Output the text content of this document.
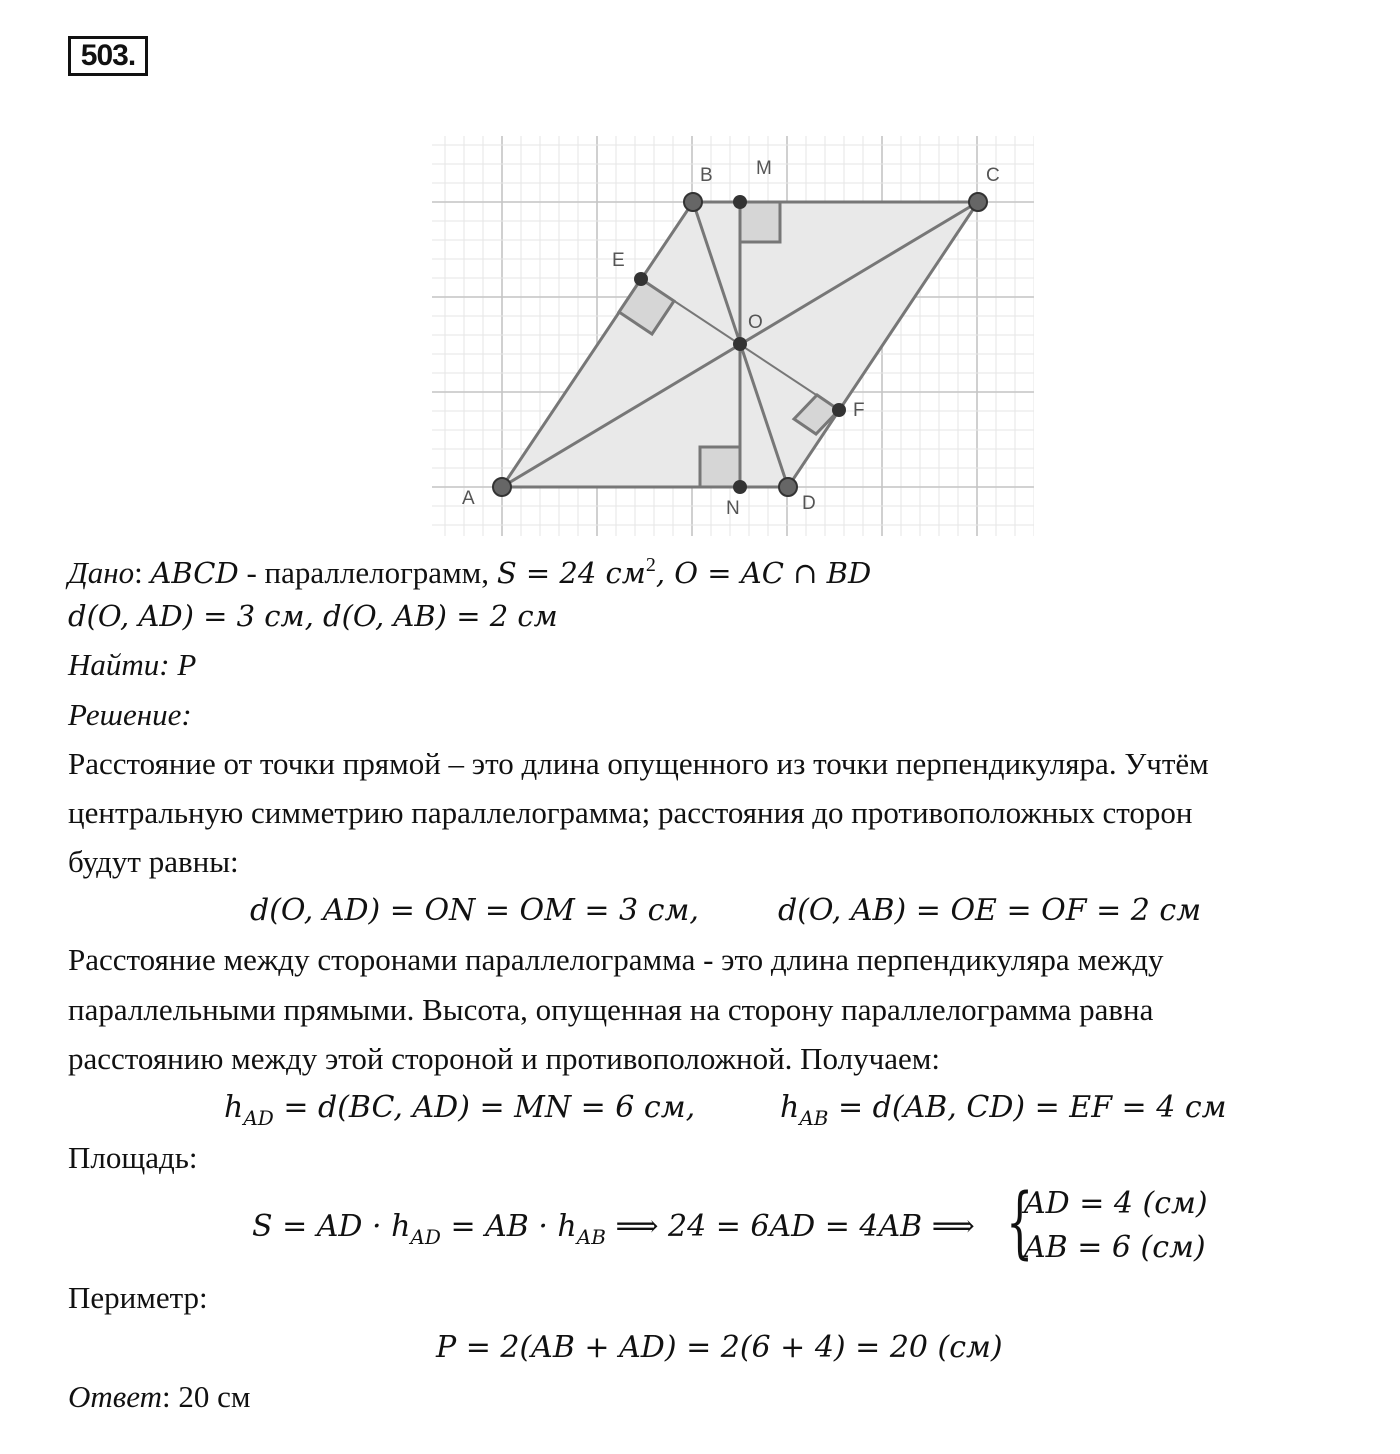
503.
A
B	C
D
M
N
E
F
O
Дано: ABCD - параллелограмм, S = 24 $см^2$, O = AC ∩ BD
d(O, AD) = 3 см, d(O, AB) = 2 см
Найти: P
Решение:
Расстояние от точки прямой – это длина опущенного из точки перпендикуляра. Учтём
центральную симметрию параллелограмма; расстояния до противоположных сторон
будут равны:
d(O, AD) = ON = OM = 3 см,	d(O, AB) = OE = OF = 2 см
Расстояние между сторонами параллелограмма - это длина перпендикуляра между
параллельными прямыми. Высота, опущенная на сторону параллелограмма равна
расстоянию между этой стороной и противоположной. Получаем:
$h_{AD} = d(BC$, AD) = MN = 6 см,	$h_{AB} = d(AB$, CD) = EF = 4 см
Площадь:
S = AD · $h_{AD}$ = AB · $h_{AB}$ ⟹ 24 = 6AD = 4AB ⟹ {
AD = 4 (см)
AB = 6 (см)
Периметр:
P = 2(AB + AD) = 2(6 + 4) = 20 (см)
Ответ: 20 см
